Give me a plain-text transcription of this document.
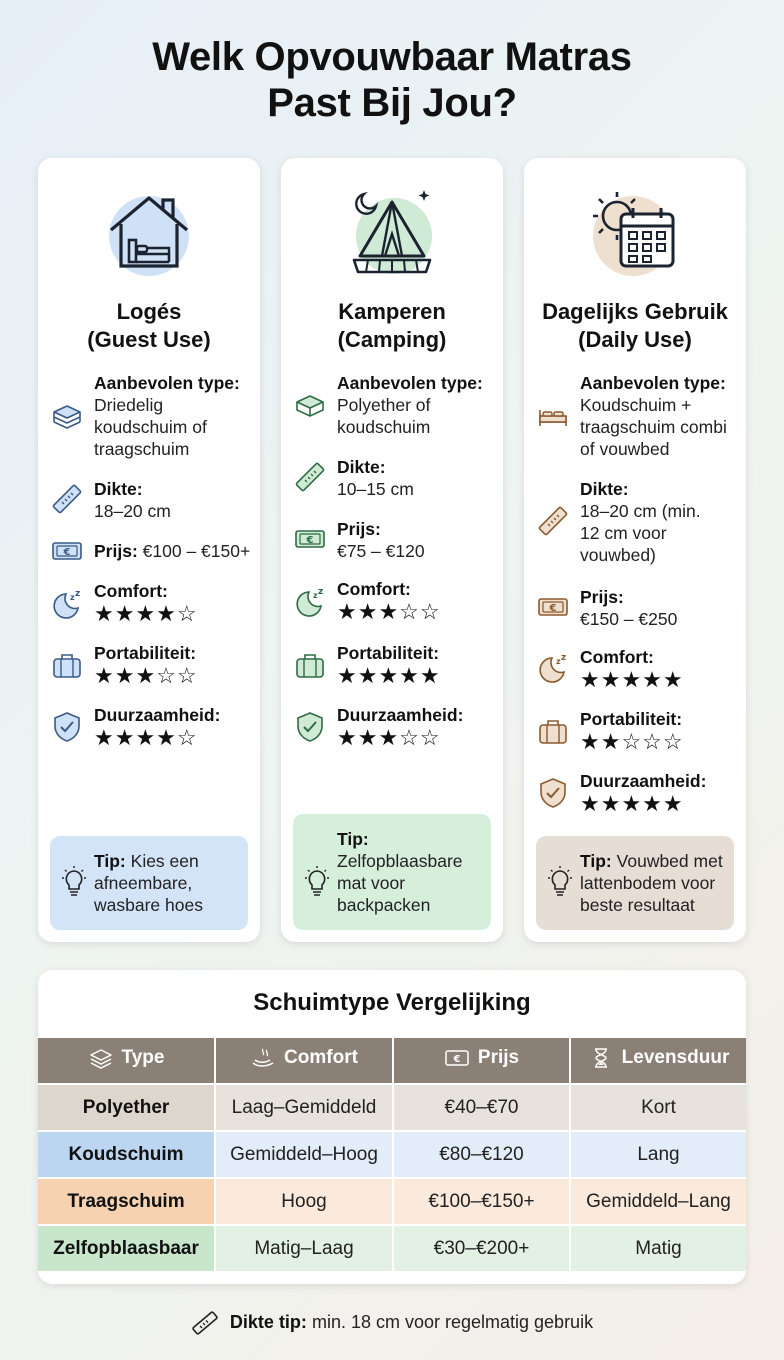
Welk Opvouwbaar Matras
Past Bij Jou?
Logés
(Guest Use)
Aanbevolen type:
Driedelig koudschuim of traagschuim
Dikte:
18–20 cm
€ Prijs: €100 – €150+
z z Comfort:
★★★★☆
Portabiliteit:
★★★☆☆
Duurzaamheid:
★★★★☆
Tip: Kies een afneembare, wasbare hoes
Kamperen
(Camping)
Aanbevolen type:
Polyether of koudschuim
Dikte:
10–15 cm
€
Prijs:
€75 – €120
z z Comfort:
★★★☆☆
Portabiliteit:
★★★★★
Duurzaamheid:
★★★☆☆
Tip:
Zelfopblaasbare mat voor backpacken
Dagelijks Gebruik
(Daily Use)
Aanbevolen type:
Koudschuim + traagschuim combi of vouwbed
Dikte:
18–20 cm (min. 12 cm voor vouwbed)
€
Prijs:
€150 – €250
z z Comfort:
★★★★★
Portabiliteit:
★★☆☆☆
Duurzaamheid:
★★★★★
Tip: Vouwbed met lattenbodem voor beste resultaat
Schuimtype Vergelijking
Type	Comfort	€ Prijs	Levensduur

Polyether	Laag–Gemiddeld	€40–€70	Kort
Koudschuim	Gemiddeld–Hoog	€80–€120	Lang
Traagschuim	Hoog	€100–€150+	Gemiddeld–Lang
Zelfopblaasbaar	Matig–Laag	€30–€200+	Matig
Dikte tip: min. 18 cm voor regelmatig gebruik
